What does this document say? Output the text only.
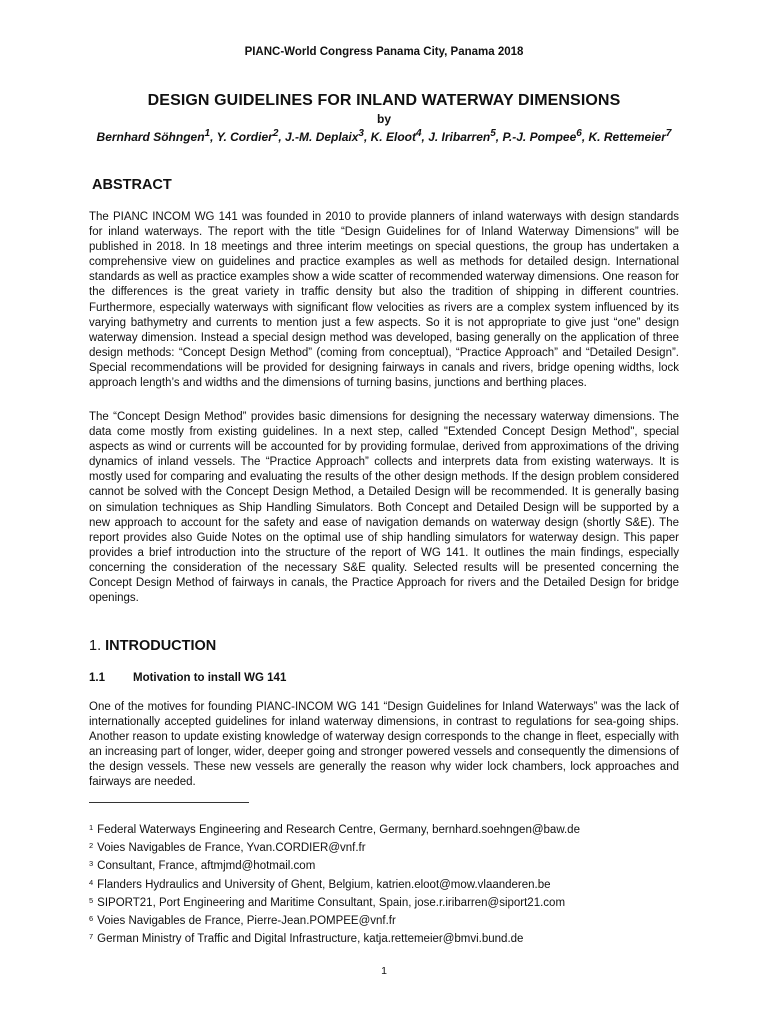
PIANC-World Congress Panama City, Panama 2018
DESIGN GUIDELINES FOR INLAND WATERWAY DIMENSIONS
by
Bernhard Söhngen$^1$, Y. Cordier$^2$, J.-M. Deplaix$^3$, K. Eloot$^4$, J. Iribarren$^5$, P.-J. Pompee$^6$, K. Rettemeier$^7$
ABSTRACT

The PIANC INCOM WG 141 was founded in 2010 to provide planners of inland waterways with design standards for inland waterways. The report with the title “Design Guidelines for of Inland Waterway Dimensions” will be published in 2018. In 18 meetings and three interim meetings on special questions, the group has undertaken a comprehensive view on guidelines and practice examples as well as methods for detailed design. International standards as well as practice examples show a wide scatter of recommended waterway dimensions. One reason for the differences is the great variety in traffic density but also the tradition of shipping in different countries. Furthermore, especially waterways with significant flow velocities as rivers are a complex system influenced by its varying bathymetry and currents to mention just a few aspects. So it is not appropriate to give just “one” design waterway dimension. Instead a special design method was developed, basing generally on the application of three design methods: “Concept Design Method” (coming from conceptual), “Practice Approach” and “Detailed Design”. Special recommendations will be provided for designing fairways in canals and rivers, bridge opening widths, lock approach length’s and widths and the dimensions of turning basins, junctions and berthing places.

The “Concept Design Method” provides basic dimensions for designing the necessary waterway dimensions. The data come mostly from existing guidelines. In a next step, called "Extended Concept Design Method", special aspects as wind or currents will be accounted for by providing formulae, derived from approximations of the driving dynamics of inland vessels. The “Practice Approach” collects and interprets data from existing waterways. It is mostly used for comparing and evaluating the results of the other design methods. If the design problem considered cannot be solved with the Concept Design Method, a Detailed Design will be recommended. It is generally basing on simulation techniques as Ship Handling Simulators. Both Concept and Detailed Design will be supported by a new approach to account for the safety and ease of navigation demands on waterway design (shortly S&E). The report provides also Guide Notes on the optimal use of ship handling simulators for waterway design. This paper provides a brief introduction into the structure of the report of WG 141. It outlines the main findings, especially concerning the consideration of the necessary S&E quality. Selected results will be presented concerning the Concept Design Method of fairways in canals, the Practice Approach for rivers and the Detailed Design for bridge openings.

1. INTRODUCTION
1.1 Motivation to install WG 141

One of the motives for founding PIANC-INCOM WG 141 “Design Guidelines for Inland Waterways” was the lack of internationally accepted guidelines for inland waterway dimensions, in contrast to regulations for sea-going ships. Another reason to update existing knowledge of waterway design corresponds to the change in fleet, especially with an increasing part of longer, wider, deeper going and stronger powered vessels and consequently the dimensions of the design vessels. These new vessels are generally the reason why wider lock chambers, lock approaches and fairways are needed.

$^1$ Federal Waterways Engineering and Research Centre, Germany, bernhard.soehngen@baw.de
$^2$ Voies Navigables de France, Yvan.CORDIER@vnf.fr
$^3$ Consultant, France, aftmjmd@hotmail.com
$^4$ Flanders Hydraulics and University of Ghent, Belgium, katrien.eloot@mow.vlaanderen.be
$^5$ SIPORT21, Port Engineering and Maritime Consultant, Spain, jose.r.iribarren@siport21.com
$^6$ Voies Navigables de France, Pierre-Jean.POMPEE@vnf.fr
$^7$ German Ministry of Traffic and Digital Infrastructure, katja.rettemeier@bmvi.bund.de
1
